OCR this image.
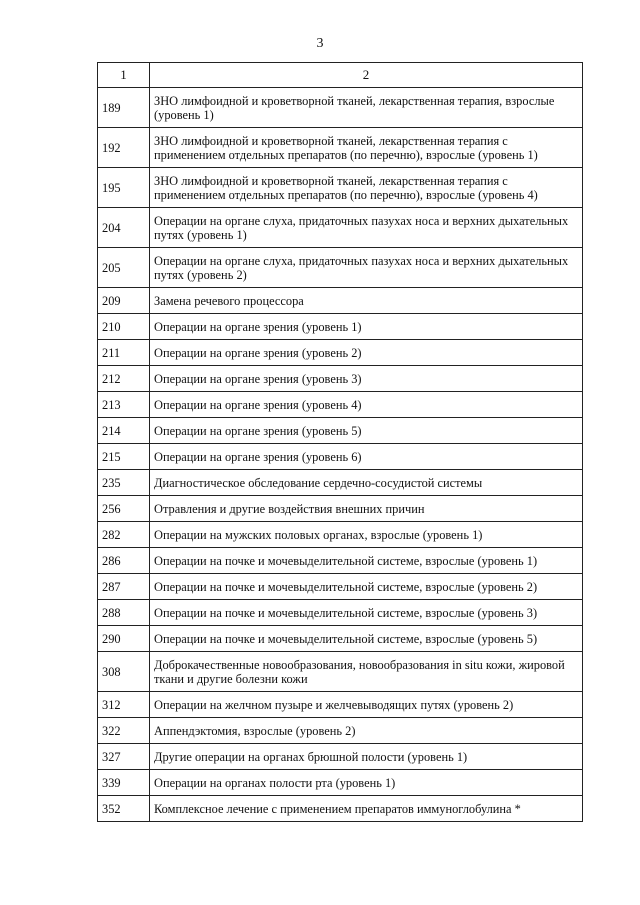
3
1	2
189	ЗНО лимфоидной и кроветворной тканей, лекарственная терапия, взрослые (уровень 1)
192	ЗНО лимфоидной и кроветворной тканей, лекарственная терапия с применением отдельных препаратов (по перечню), взрослые (уровень 1)
195	ЗНО лимфоидной и кроветворной тканей, лекарственная терапия с применением отдельных препаратов (по перечню), взрослые (уровень 4)
204	Операции на органе слуха, придаточных пазухах носа и верхних дыхательных путях (уровень 1)
205	Операции на органе слуха, придаточных пазухах носа и верхних дыхательных путях (уровень 2)
209	Замена речевого процессора
210	Операции на органе зрения (уровень 1)
211	Операции на органе зрения (уровень 2)
212	Операции на органе зрения (уровень 3)
213	Операции на органе зрения (уровень 4)
214	Операции на органе зрения (уровень 5)
215	Операции на органе зрения (уровень 6)
235	Диагностическое обследование сердечно-сосудистой системы
256	Отравления и другие воздействия внешних причин
282	Операции на мужских половых органах, взрослые (уровень 1)
286	Операции на почке и мочевыделительной системе, взрослые (уровень 1)
287	Операции на почке и мочевыделительной системе, взрослые (уровень 2)
288	Операции на почке и мочевыделительной системе, взрослые (уровень 3)
290	Операции на почке и мочевыделительной системе, взрослые (уровень 5)
308	Доброкачественные новообразования, новообразования in situ кожи, жировой ткани и другие болезни кожи
312	Операции на желчном пузыре и желчевыводящих путях (уровень 2)
322	Аппендэктомия, взрослые (уровень 2)
327	Другие операции на органах брюшной полости (уровень 1)
339	Операции на органах полости рта (уровень 1)
352	Комплексное лечение с применением препаратов иммуноглобулина *
